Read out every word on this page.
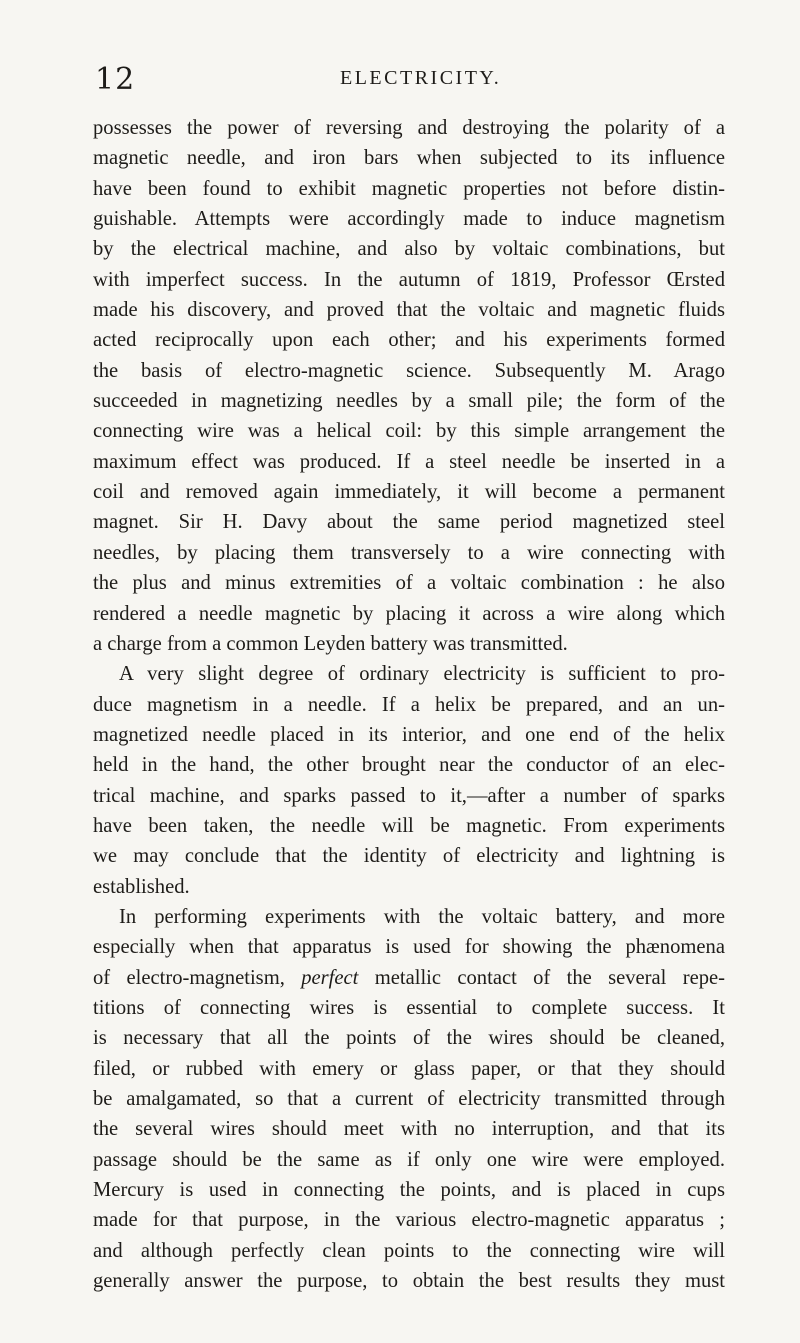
12	ELECTRICITY.
possesses the power of reversing and destroying the polarity of a
magnetic needle, and iron bars when subjected to its influence
have been found to exhibit magnetic properties not before distin-
guishable. Attempts were accordingly made to induce magnetism
by the electrical machine, and also by voltaic combinations, but
with imperfect success. In the autumn of 1819, Professor Œrsted
made his discovery, and proved that the voltaic and magnetic fluids
acted reciprocally upon each other; and his experiments formed
the basis of electro-magnetic science. Subsequently M. Arago
succeeded in magnetizing needles by a small pile; the form of the
connecting wire was a helical coil: by this simple arrangement the
maximum effect was produced. If a steel needle be inserted in a
coil and removed again immediately, it will become a permanent
magnet. Sir H. Davy about the same period magnetized steel
needles, by placing them transversely to a wire connecting with
the plus and minus extremities of a voltaic combination : he also
rendered a needle magnetic by placing it across a wire along which
a charge from a common Leyden battery was transmitted.
A very slight degree of ordinary electricity is sufficient to pro-
duce magnetism in a needle. If a helix be prepared, and an un-
magnetized needle placed in its interior, and one end of the helix
held in the hand, the other brought near the conductor of an elec-
trical machine, and sparks passed to it,—after a number of sparks
have been taken, the needle will be magnetic. From experiments
we may conclude that the identity of electricity and lightning is
established.
In performing experiments with the voltaic battery, and more
especially when that apparatus is used for showing the phænomena
of electro-magnetism, perfect metallic contact of the several repe-
titions of connecting wires is essential to complete success. It
is necessary that all the points of the wires should be cleaned,
filed, or rubbed with emery or glass paper, or that they should
be amalgamated, so that a current of electricity transmitted through
the several wires should meet with no interruption, and that its
passage should be the same as if only one wire were employed.
Mercury is used in connecting the points, and is placed in cups
made for that purpose, in the various electro-magnetic apparatus ;
and although perfectly clean points to the connecting wire will
generally answer the purpose, to obtain the best results they must
